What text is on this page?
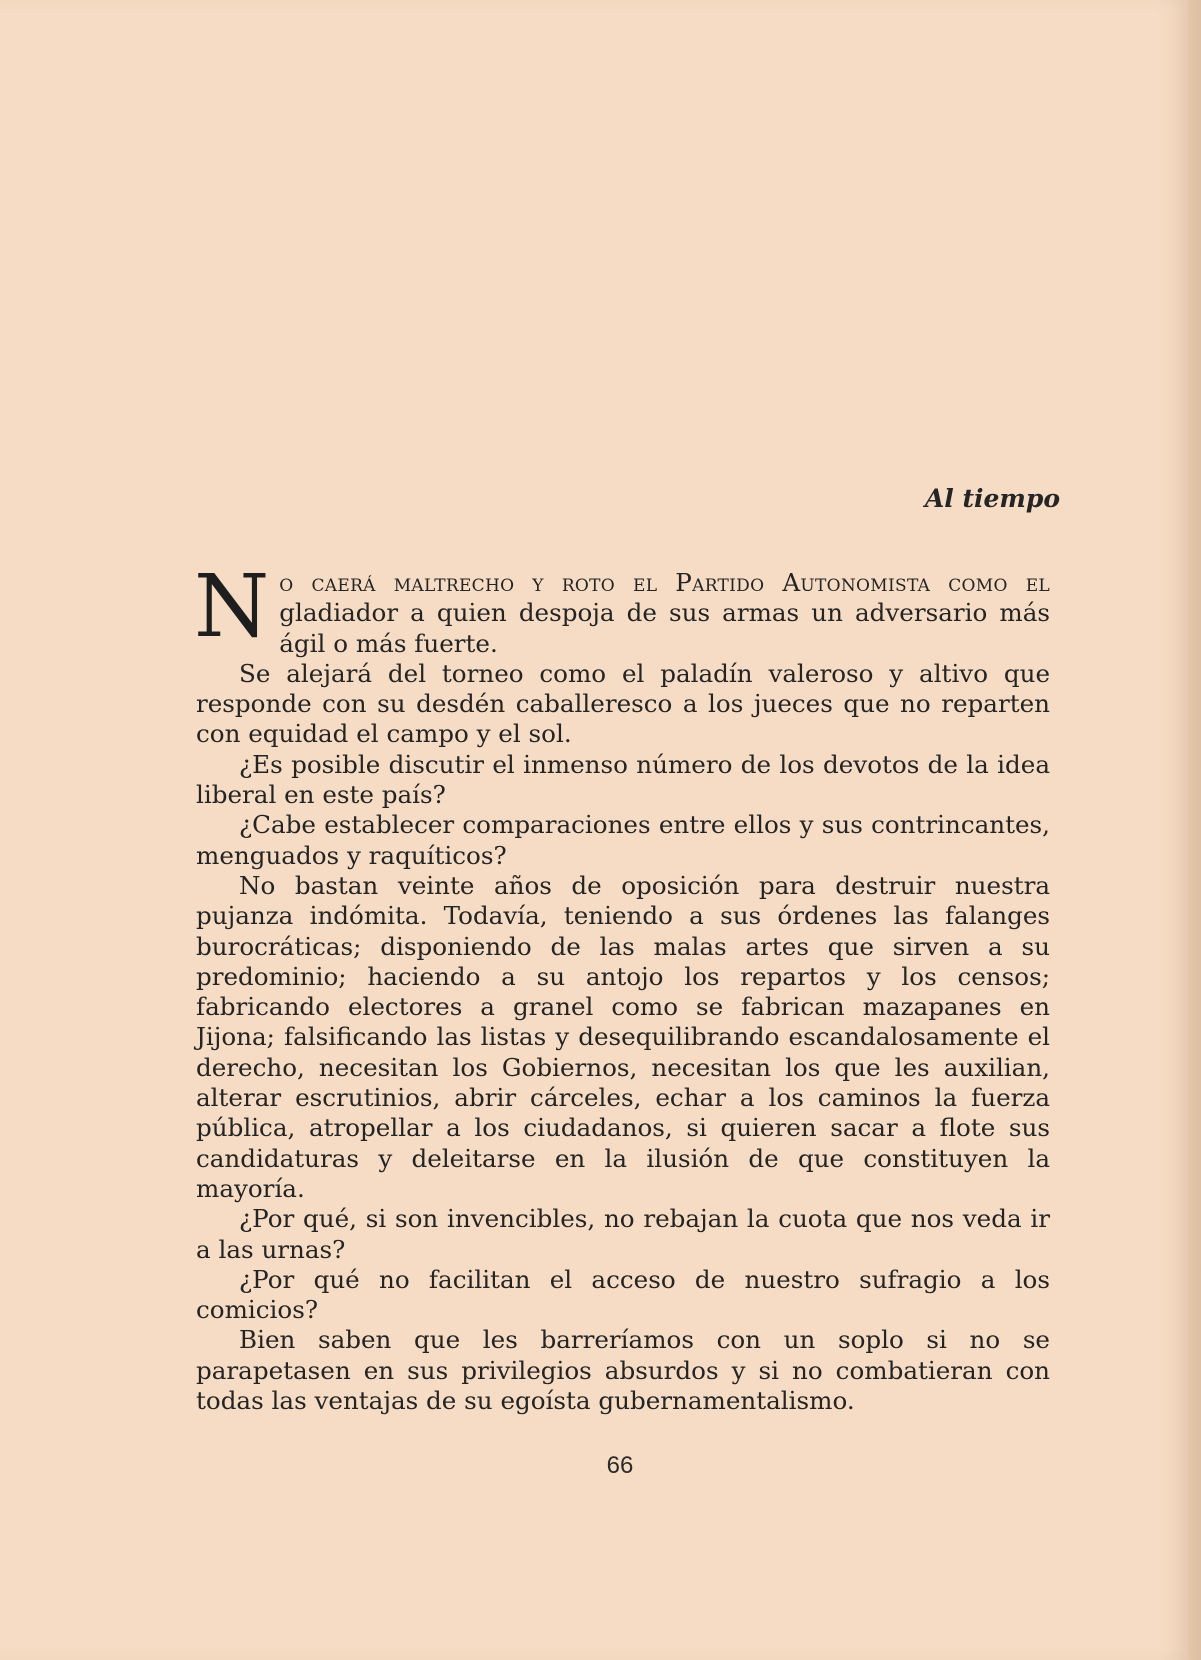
Al tiempo

No caerá maltrecho y roto el Partido Autonomista como el gladiador a quien despoja de sus armas un adversario más ágil o más fuerte.

Se alejará del torneo como el paladín valeroso y altivo que responde con su desdén caballeresco a los jueces que no reparten con equidad el campo y el sol.

¿Es posible discutir el inmenso número de los devotos de la idea liberal en este país?

¿Cabe establecer comparaciones entre ellos y sus contrincantes, menguados y raquíticos?

No bastan veinte años de oposición para destruir nuestra pujanza indómita. Todavía, teniendo a sus órdenes las falanges burocráticas; disponiendo de las malas artes que sirven a su predominio; haciendo a su antojo los repartos y los censos; fabricando electores a granel como se fabrican mazapanes en Jijona; falsificando las listas y desequilibrando escandalosamente el derecho, necesitan los Gobiernos, necesitan los que les auxilian, alterar escrutinios, abrir cárceles, echar a los caminos la fuerza pública, atropellar a los ciudadanos, si quieren sacar a flote sus candidaturas y deleitarse en la ilusión de que constituyen la mayoría.

¿Por qué, si son invencibles, no rebajan la cuota que nos veda ir a las urnas?

¿Por qué no facilitan el acceso de nuestro sufragio a los comicios?

Bien saben que les barreríamos con un soplo si no se parapetasen en sus privilegios absurdos y si no combatieran con todas las ventajas de su egoísta gubernamentalismo.

66
